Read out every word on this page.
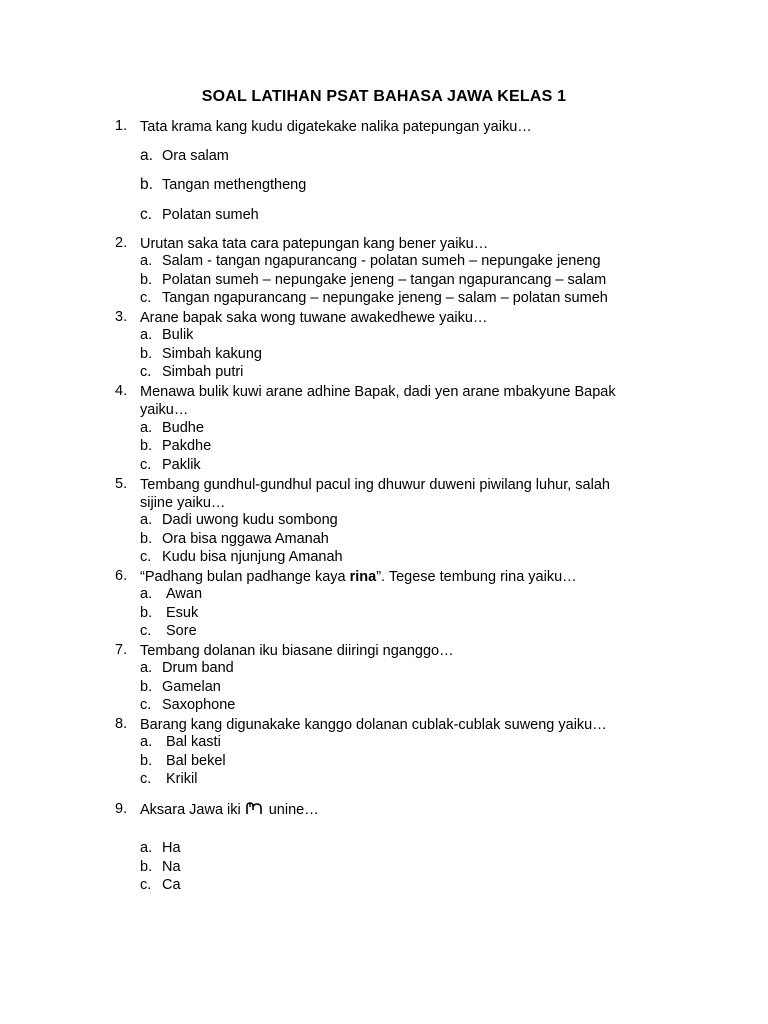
SOAL LATIHAN PSAT BAHASA JAWA KELAS 1
1. Tata krama kang kudu digatekake nalika patepungan yaiku…
a. Ora salam
b. Tangan methengtheng
c. Polatan sumeh
2. Urutan saka tata cara patepungan kang bener yaiku…
a. Salam - tangan ngapurancang - polatan sumeh – nepungake jeneng
b. Polatan sumeh – nepungake jeneng – tangan ngapurancang – salam
c. Tangan ngapurancang – nepungake jeneng – salam – polatan sumeh
3. Arane bapak saka wong tuwane awakedhewe yaiku…
a. Bulik
b. Simbah kakung
c. Simbah putri
4. Menawa bulik kuwi arane adhine Bapak, dadi yen arane mbakyune Bapak
yaiku…
a. Budhe
b. Pakdhe
c. Paklik
5. Tembang gundhul-gundhul pacul ing dhuwur duweni piwilang luhur, salah
sijine yaiku…
a. Dadi uwong kudu sombong
b. Ora bisa nggawa Amanah
c. Kudu bisa njunjung Amanah
6. “Padhang bulan padhange kaya rina”. Tegese tembung rina yaiku…
a. Awan
b. Esuk
c. Sore
7. Tembang dolanan iku biasane diiringi nganggo…
a. Drum band
b. Gamelan
c. Saxophone
8. Barang kang digunakake kanggo dolanan cublak-cublak suweng yaiku…
a. Bal kasti
b. Bal bekel
c. Krikil
9. Aksara Jawa iki unine…
a. Ha
b. Na
c. Ca
